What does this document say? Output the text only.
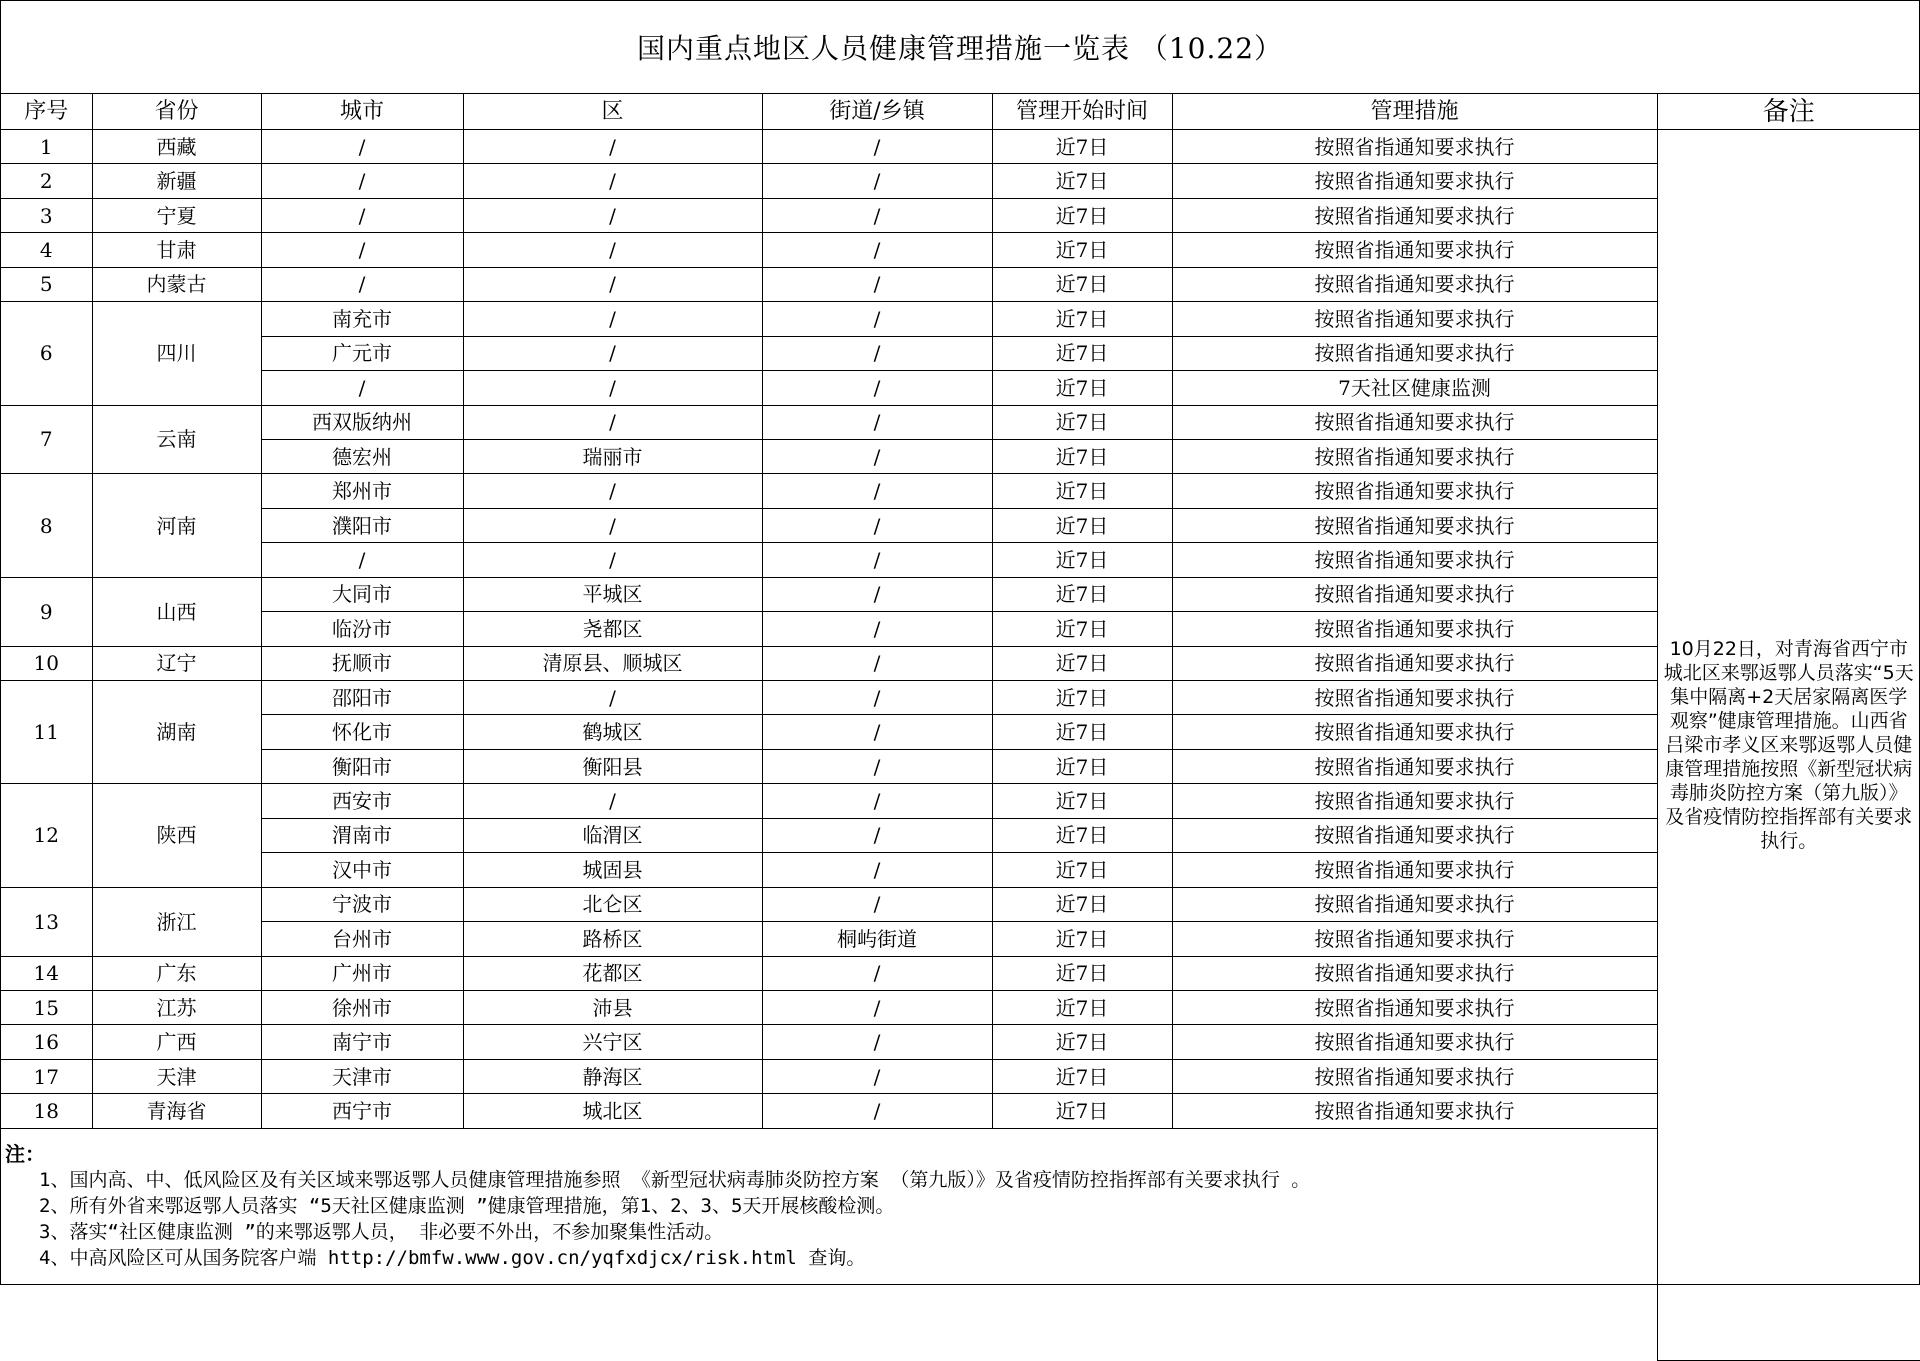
国内重点地区人员健康管理措施一览表 （10.22）
序号	省份	城市	区	街道/乡镇	管理开始时间	管理措施	备注
1	西藏	/	/	/	近7日	按照省指通知要求执行	10月22日，对青海省西宁市城北区来鄂返鄂人员落实“5天集中隔离+2天居家隔离医学观察”健康管理措施。山西省吕梁市孝义区来鄂返鄂人员健康管理措施按照《新型冠状病毒肺炎防控方案（第九版）》及省疫情防控指挥部有关要求执行。
2	新疆	/	/	/	近7日	按照省指通知要求执行	
3	宁夏	/	/	/	近7日	按照省指通知要求执行	
4	甘肃	/	/	/	近7日	按照省指通知要求执行	
5	内蒙古	/	/	/	近7日	按照省指通知要求执行	
6	四川	南充市	/	/	近7日	按照省指通知要求执行	
		广元市	/	/	近7日	按照省指通知要求执行	
		/	/	/	近7日	7天社区健康监测	
7	云南	西双版纳州	/	/	近7日	按照省指通知要求执行	
		德宏州	瑞丽市	/	近7日	按照省指通知要求执行	
8	河南	郑州市	/	/	近7日	按照省指通知要求执行	
		濮阳市	/	/	近7日	按照省指通知要求执行	
		/	/	/	近7日	按照省指通知要求执行	
9	山西	大同市	平城区	/	近7日	按照省指通知要求执行	
		临汾市	尧都区	/	近7日	按照省指通知要求执行	
10	辽宁	抚顺市	清原县、顺城区	/	近7日	按照省指通知要求执行	
11	湖南	邵阳市	/	/	近7日	按照省指通知要求执行	
		怀化市	鹤城区	/	近7日	按照省指通知要求执行	
		衡阳市	衡阳县	/	近7日	按照省指通知要求执行	
12	陕西	西安市	/	/	近7日	按照省指通知要求执行	
		渭南市	临渭区	/	近7日	按照省指通知要求执行	
		汉中市	城固县	/	近7日	按照省指通知要求执行	
13	浙江	宁波市	北仑区	/	近7日	按照省指通知要求执行	
		台州市	路桥区	桐屿街道	近7日	按照省指通知要求执行	
14	广东	广州市	花都区	/	近7日	按照省指通知要求执行	
15	江苏	徐州市	沛县	/	近7日	按照省指通知要求执行	
16	广西	南宁市	兴宁区	/	近7日	按照省指通知要求执行	
17	天津	天津市	静海区	/	近7日	按照省指通知要求执行	
18	青海省	西宁市	城北区	/	近7日	按照省指通知要求执行	

注：
1、国内高、中、低风险区及有关区域来鄂返鄂人员健康管理措施参照 《新型冠状病毒肺炎防控方案 （第九版）》及省疫情防控指挥部有关要求执行 。
2、所有外省来鄂返鄂人员落实 “5天社区健康监测 ”健康管理措施，第1、2、3、5天开展核酸检测。
3、落实“社区健康监测 ”的来鄂返鄂人员， 非必要不外出，不参加聚集性活动。
4、中高风险区可从国务院客户端 http://bmfw.www.gov.cn/yqfxdjcx/risk.html 查询。							
